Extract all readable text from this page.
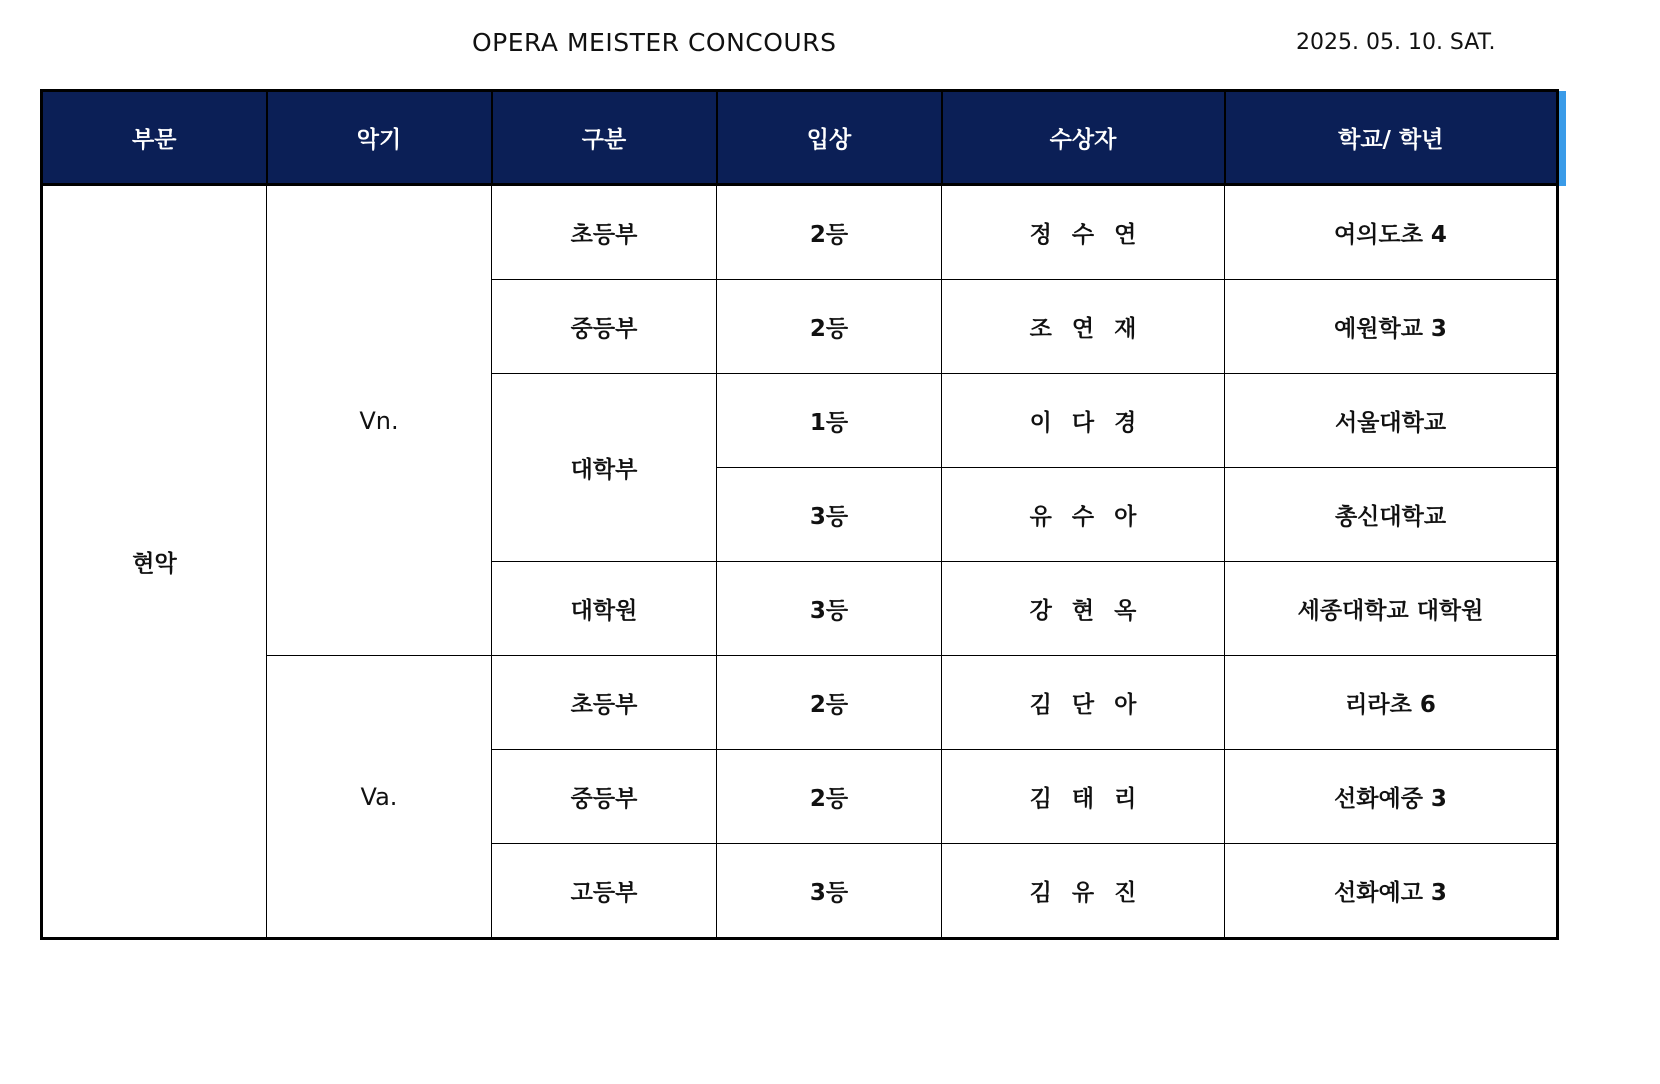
OPERA MEISTER CONCOURS	2025. 05. 10. SAT.
부문	악기	구분	입상	수상자	학교/ 학년
현악	Vn.	초등부	2등	정 수 연	여의도초 4
		중등부	2등	조 연 재	예원학교 3
		대학부	1등	이 다 경	서울대학교
			3등	유 수 아	총신대학교
		대학원	3등	강 현 옥	세종대학교 대학원
	Va.	초등부	2등	김 단 아	리라초 6
		중등부	2등	김 태 리	선화예중 3
		고등부	3등	김 유 진	선화예고 3
